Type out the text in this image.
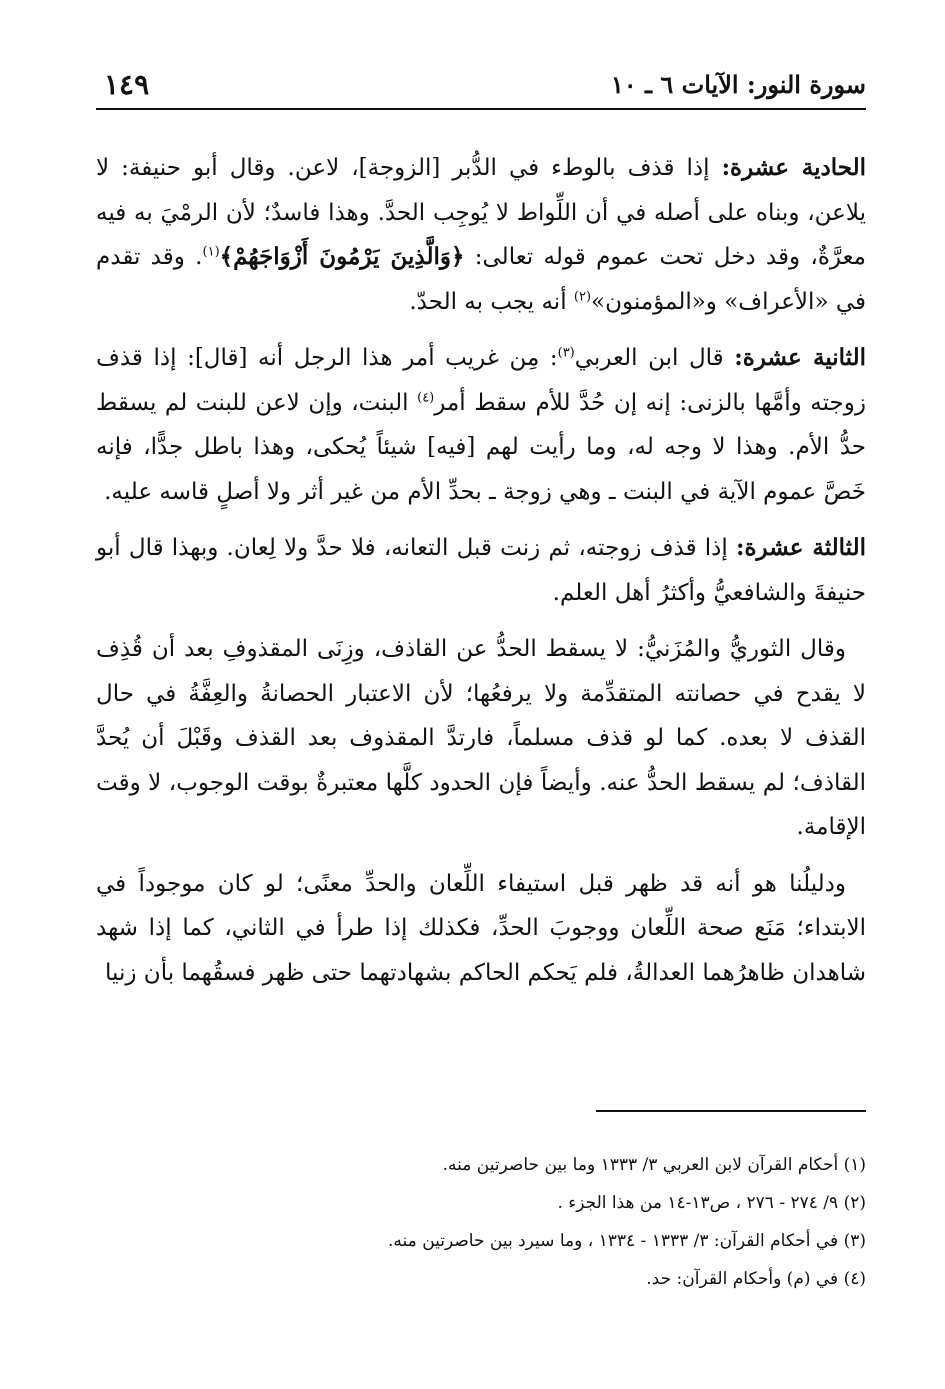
سورة النور: الآيات ٦ ـ ١٠
١٤٩

الحادية عشرة: إذا قذف بالوطء في الدُّبر [الزوجة]، لاعن. وقال أبو حنيفة: لا يلاعن، وبناه على أصله في أن اللِّواط لا يُوجِب الحدَّ. وهذا فاسدٌ؛ لأن الرمْيَ به فيه معرَّةٌ، وقد دخل تحت عموم قوله تعالى: ﴿وَالَّذِينَ يَرْمُونَ أَزْوَاجَهُمْ﴾$^{(١)}$. وقد تقدم في «الأعراف» و«المؤمنون»$^{(٢)}$ أنه يجب به الحدّ.

الثانية عشرة: قال ابن العربي$^{(٣)}$: مِن غريب أمر هذا الرجل أنه [قال]: إذا قذف زوجته وأمَّها بالزنى: إنه إن حُدَّ للأم سقط أمر$^{(٤)}$ البنت، وإن لاعن للبنت لم يسقط حدُّ الأم. وهذا لا وجه له، وما رأيت لهم [فيه] شيئاً يُحكى، وهذا باطل جدًّا، فإنه خَصَّ عموم الآية في البنت ـ وهي زوجة ـ بحدِّ الأم من غير أثر ولا أصلٍ قاسه عليه.

الثالثة عشرة: إذا قذف زوجته، ثم زنت قبل التعانه، فلا حدَّ ولا لِعان. وبهذا قال أبو حنيفةَ والشافعيُّ وأكثرُ أهل العلم.

وقال الثوريُّ والمُزَنيُّ: لا يسقط الحدُّ عن القاذف، وزِنَى المقذوفِ بعد أن قُذِف لا يقدح في حصانته المتقدِّمة ولا يرفعُها؛ لأن الاعتبار الحصانةُ والعِفَّةُ في حال القذف لا بعده. كما لو قذف مسلماً، فارتدَّ المقذوف بعد القذف وقَبْلَ أن يُحدَّ القاذف؛ لم يسقط الحدُّ عنه. وأيضاً فإن الحدود كلَّها معتبرةٌ بوقت الوجوب، لا وقت الإقامة.

ودليلُنا هو أنه قد ظهر قبل استيفاء اللِّعان والحدِّ معنًى؛ لو كان موجوداً في الابتداء؛ مَنَع صحة اللِّعان ووجوبَ الحدِّ، فكذلك إذا طرأ في الثاني، كما إذا شهد شاهدان ظاهرُهما العدالةُ، فلم يَحكم الحاكم بشهادتهما حتى ظهر فسقُهما بأن زنيا

(١) أحكام القرآن لابن العربي ٣/ ١٣٣٣ وما بين حاصرتين منه.
(٢) ٩/ ٢٧٤ - ٢٧٦ ، ص١٣-١٤ من هذا الجزء .
(٣) في أحكام القرآن: ٣/ ١٣٣٣ - ١٣٣٤ ، وما سيرد بين حاصرتين منه.
(٤) في (م) وأحكام القرآن: حد.
